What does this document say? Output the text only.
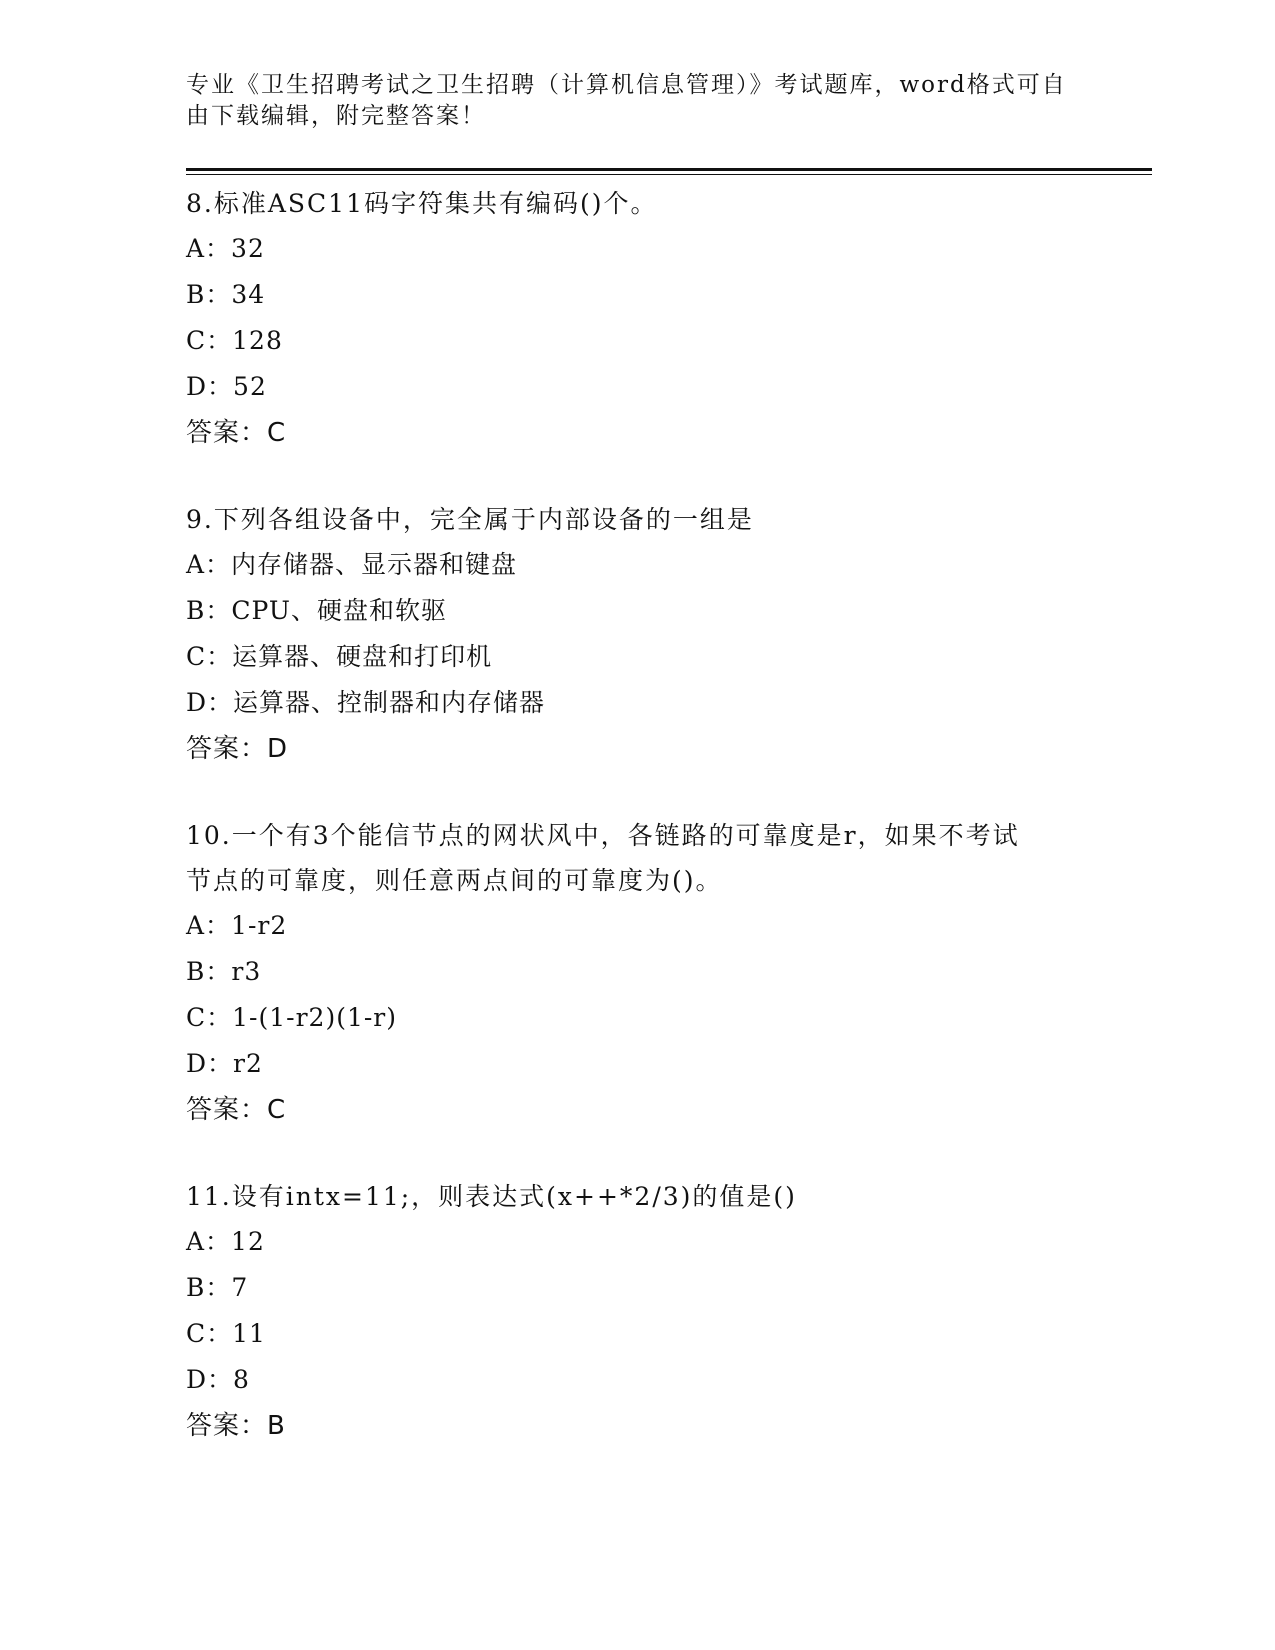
专业《卫生招聘考试之卫生招聘（计算机信息管理）》考试题库，word格式可自由下载编辑，附完整答案！

8.标准ASC11码字符集共有编码()个。

A：32

B：34

C：128

D：52

答案：C

9.下列各组设备中，完全属于内部设备的一组是

A：内存储器、显示器和键盘

B：CPU、硬盘和软驱

C：运算器、硬盘和打印机

D：运算器、控制器和内存储器

答案：D

10.一个有3个能信节点的网状风中，各链路的可靠度是r，如果不考试节点的可靠度，则任意两点间的可靠度为()。

A：1-r2

B：r3

C：1-(1-r2)(1-r)

D：r2

答案：C

11.设有intx=11;，则表达式(x++*2/3)的值是()

A：12

B：7

C：11

D：8

答案：B
